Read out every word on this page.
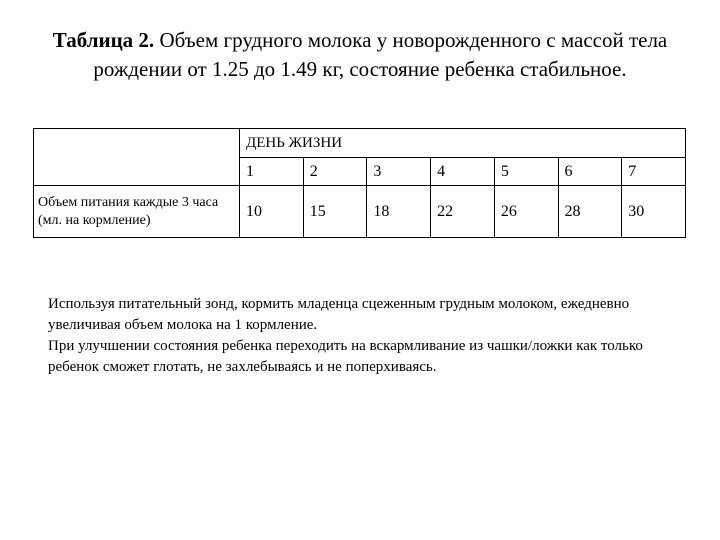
Таблица 2. Объем грудного молока у новорожденного с массой тела рождении от 1.25 до 1.49 кг, состояние ребенка стабильное.
	ДЕНЬ ЖИЗНИ						
	1	2	3	4	5	6	7
Объем питания каждые 3 часа (мл. на кормление)	10	15	18	22	26	28	30

Используя питательный зонд, кормить младенца сцеженным грудным молоком, ежедневно увеличивая объем молока на 1 кормление.

При улучшении состояния ребенка переходить на вскармливание из чашки/ложки как только ребенок сможет глотать, не захлебываясь и не поперхиваясь.
